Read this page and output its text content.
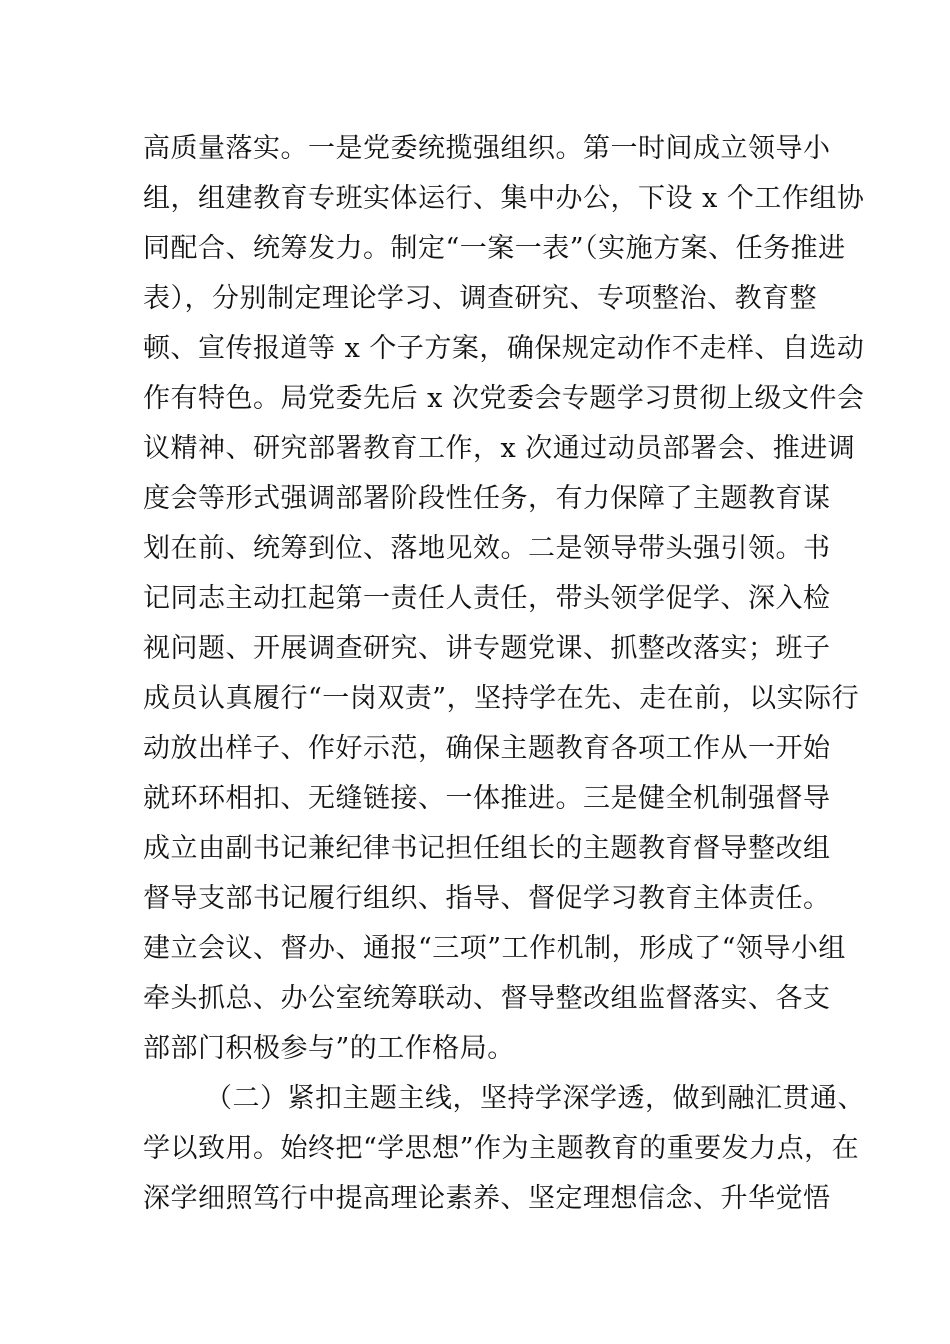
高质量落实。一是党委统揽强组织。第一时间成立领导小
组，组建教育专班实体运行、集中办公，下设 x 个工作组协
同配合、统筹发力。制定“一案一表”（实施方案、任务推进
表），分别制定理论学习、调查研究、专项整治、教育整
顿、宣传报道等 x 个子方案，确保规定动作不走样、自选动
作有特色。局党委先后 x 次党委会专题学习贯彻上级文件会
议精神、研究部署教育工作，x 次通过动员部署会、推进调
度会等形式强调部署阶段性任务，有力保障了主题教育谋
划在前、统筹到位、落地见效。二是领导带头强引领。书
记同志主动扛起第一责任人责任，带头领学促学、深入检
视问题、开展调查研究、讲专题党课、抓整改落实；班子
成员认真履行“一岗双责”，坚持学在先、走在前，以实际行
动放出样子、作好示范，确保主题教育各项工作从一开始
就环环相扣、无缝链接、一体推进。三是健全机制强督导
成立由副书记兼纪律书记担任组长的主题教育督导整改组
督导支部书记履行组织、指导、督促学习教育主体责任。
建立会议、督办、通报“三项”工作机制，形成了“领导小组
牵头抓总、办公室统筹联动、督导整改组监督落实、各支
部部门积极参与”的工作格局。
（二）紧扣主题主线，坚持学深学透，做到融汇贯通、
学以致用。始终把“学思想”作为主题教育的重要发力点，在
深学细照笃行中提高理论素养、坚定理想信念、升华觉悟
